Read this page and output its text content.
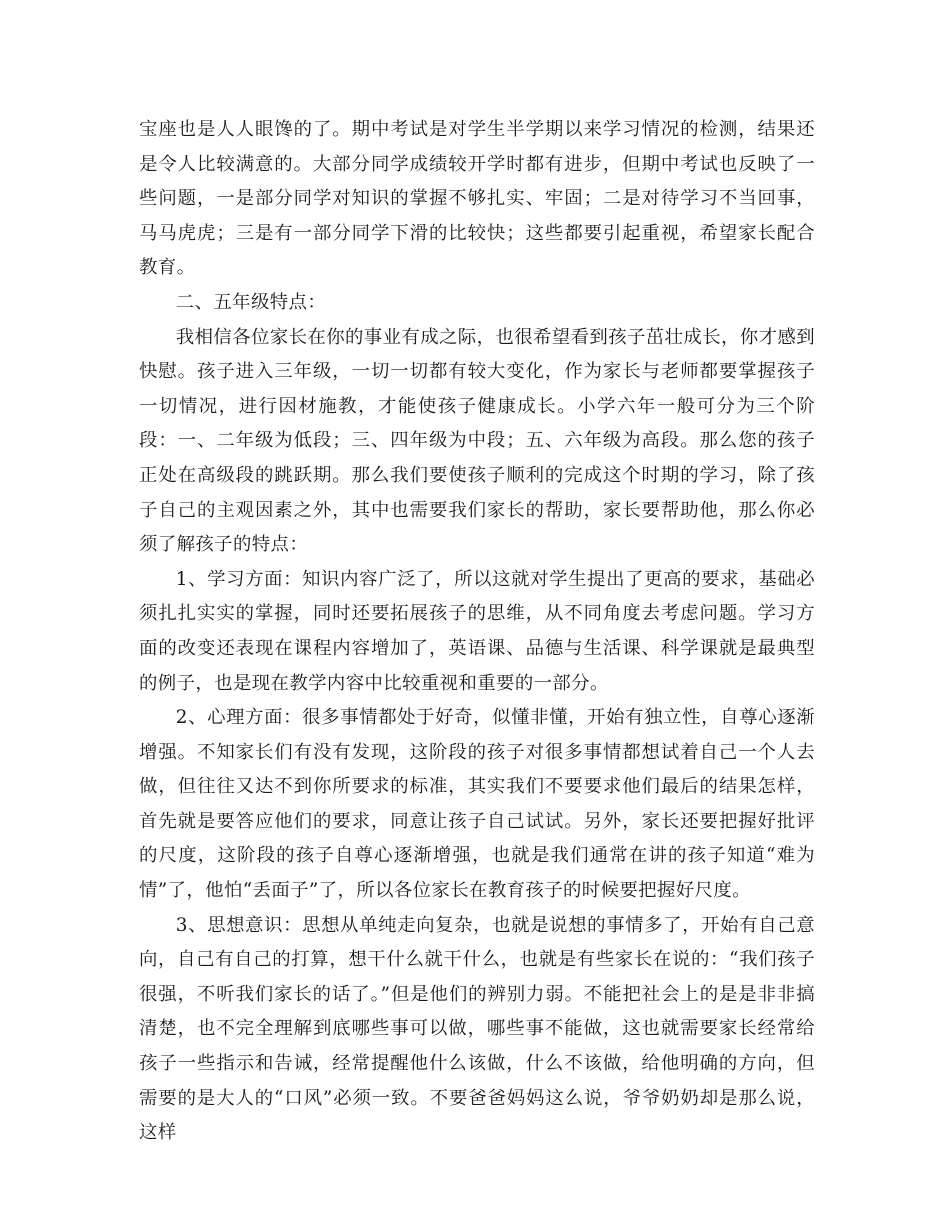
宝座也是人人眼馋的了。期中考试是对学生半学期以来学习情况的检测，结果还是令人比较满意的。大部分同学成绩较开学时都有进步，但期中考试也反映了一些问题，一是部分同学对知识的掌握不够扎实、牢固；二是对待学习不当回事，马马虎虎；三是有一部分同学下滑的比较快；这些都要引起重视，希望家长配合教育。

二、五年级特点：

我相信各位家长在你的事业有成之际，也很希望看到孩子茁壮成长，你才感到快慰。孩子进入三年级，一切一切都有较大变化，作为家长与老师都要掌握孩子一切情况，进行因材施教，才能使孩子健康成长。小学六年一般可分为三个阶段：一、二年级为低段；三、四年级为中段；五、六年级为高段。那么您的孩子正处在高级段的跳跃期。那么我们要使孩子顺利的完成这个时期的学习，除了孩子自己的主观因素之外，其中也需要我们家长的帮助，家长要帮助他，那么你必须了解孩子的特点：

1、学习方面：知识内容广泛了，所以这就对学生提出了更高的要求，基础必须扎扎实实的掌握，同时还要拓展孩子的思维，从不同角度去考虑问题。学习方面的改变还表现在课程内容增加了，英语课、品德与生活课、科学课就是最典型的例子，也是现在教学内容中比较重视和重要的一部分。

2、心理方面：很多事情都处于好奇，似懂非懂，开始有独立性，自尊心逐渐增强。不知家长们有没有发现，这阶段的孩子对很多事情都想试着自己一个人去做，但往往又达不到你所要求的标准，其实我们不要要求他们最后的结果怎样，首先就是要答应他们的要求，同意让孩子自己试试。另外，家长还要把握好批评的尺度，这阶段的孩子自尊心逐渐增强，也就是我们通常在讲的孩子知道“难为情”了，他怕“丢面子”了，所以各位家长在教育孩子的时候要把握好尺度。

3、思想意识：思想从单纯走向复杂，也就是说想的事情多了，开始有自己意向，自己有自己的打算，想干什么就干什么，也就是有些家长在说的：“我们孩子很强，不听我们家长的话了。”但是他们的辨别力弱。不能把社会上的是是非非搞清楚，也不完全理解到底哪些事可以做，哪些事不能做，这也就需要家长经常给孩子一些指示和告诫，经常提醒他什么该做，什么不该做，给他明确的方向，但需要的是大人的“口风”必须一致。不要爸爸妈妈这么说，爷爷奶奶却是那么说，这样
